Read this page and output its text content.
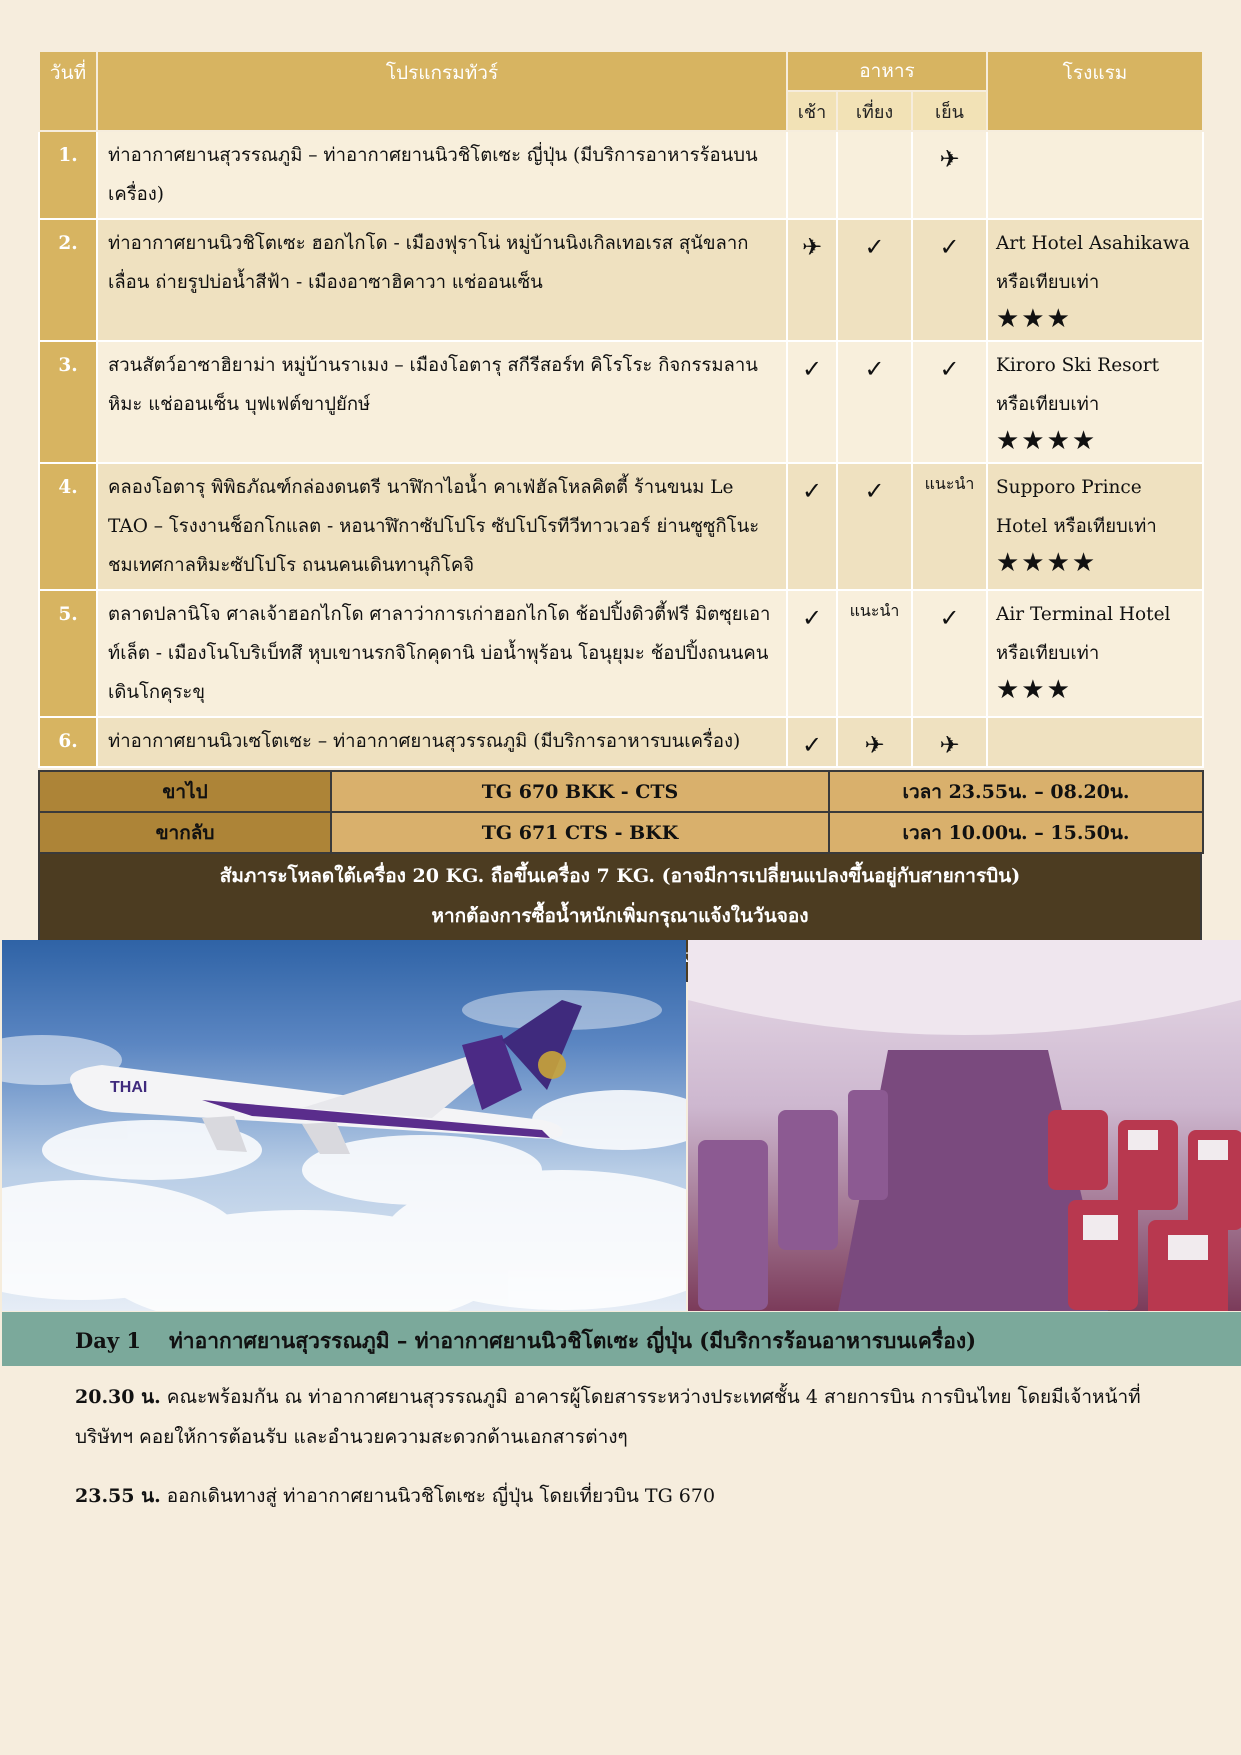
วันที่	โปรแกรมทัวร์	อาหาร			โรงแรม
		เช้า	เที่ยง	เย็น	
1.	ท่าอากาศยานสุวรรณภูมิ – ท่าอากาศยานนิวชิโตเซะ ญี่ปุ่น (มีบริการอาหารร้อนบนเครื่อง)			✈	

2.	ท่าอากาศยานนิวชิโตเซะ ฮอกไกโด - เมืองฟุราโน่ หมู่บ้านนิงเกิลเทอเรส สุนัขลากเลื่อน ถ่ายรูปบ่อน้ำสีฟ้า - เมืองอาซาฮิคาวา แช่ออนเซ็น	✈	✓	✓	Art Hotel Asahikawa หรือเทียบเท่า
★★★

3.	สวนสัตว์อาซาฮิยาม่า หมู่บ้านราเมง – เมืองโอตารุ สกีรีสอร์ท คิโรโระ กิจกรรมลานหิมะ แช่ออนเซ็น บุฟเฟต์ขาปูยักษ์	✓	✓	✓	Kiroro Ski Resort หรือเทียบเท่า
★★★★

4.	คลองโอตารุ พิพิธภัณฑ์กล่องดนตรี นาฬิกาไอน้ำ คาเฟ่ฮัลโหลคิตตี้ ร้านขนม Le TAO – โรงงานช็อกโกแลต - หอนาฬิกาซัปโปโร ซัปโปโรทีวีทาวเวอร์ ย่านซูซูกิโนะ ชมเทศกาลหิมะซัปโปโร ถนนคนเดินทานุกิโคจิ	✓	✓	แนะนำ	Supporo Prince Hotel หรือเทียบเท่า
★★★★

5.	ตลาดปลานิโจ ศาลเจ้าฮอกไกโด ศาลาว่าการเก่าฮอกไกโด ช้อปปิ้งดิวตี้ฟรี มิตซุยเอาท์เล็ต - เมืองโนโบริเบ็ทสึ หุบเขานรกจิโกคุดานิ บ่อน้ำพุร้อน โอนุยุมะ ช้อปปิ้งถนนคนเดินโกคุระขุ	✓	แนะนำ	✓	Air Terminal Hotel หรือเทียบเท่า
★★★

6.	ท่าอากาศยานนิวเซโตเซะ – ท่าอากาศยานสุวรรณภูมิ (มีบริการอาหารบนเครื่อง)	✓	✈	✈	
ขาไป	TG 670 BKK - CTS	เวลา 23.55น. – 08.20น.
ขากลับ	TG 671 CTS - BKK	เวลา 10.00น. – 15.50น.
สัมภาระโหลดใต้เครื่อง 20 KG. ถือขึ้นเครื่อง 7 KG. (อาจมีการเปลี่ยนแปลงขึ้นอยู่กับสายการบิน)
หากต้องการซื้อน้ำหนักเพิ่มกรุณาแจ้งในวันจอง
THAI
Day 1 ท่าอากาศยานสุวรรณภูมิ – ท่าอากาศยานนิวชิโตเซะ ญี่ปุ่น (มีบริการร้อนอาหารบนเครื่อง)
20.30 น. คณะพร้อมกัน ณ ท่าอากาศยานสุวรรณภูมิ อาคารผู้โดยสารระหว่างประเทศชั้น 4 สายการบิน การบินไทย โดยมีเจ้าหน้าที่บริษัทฯ คอยให้การต้อนรับ และอำนวยความสะดวกด้านเอกสารต่างๆ
23.55 น. ออกเดินทางสู่ ท่าอากาศยานนิวชิโตเซะ ญี่ปุ่น โดยเที่ยวบิน TG 670
